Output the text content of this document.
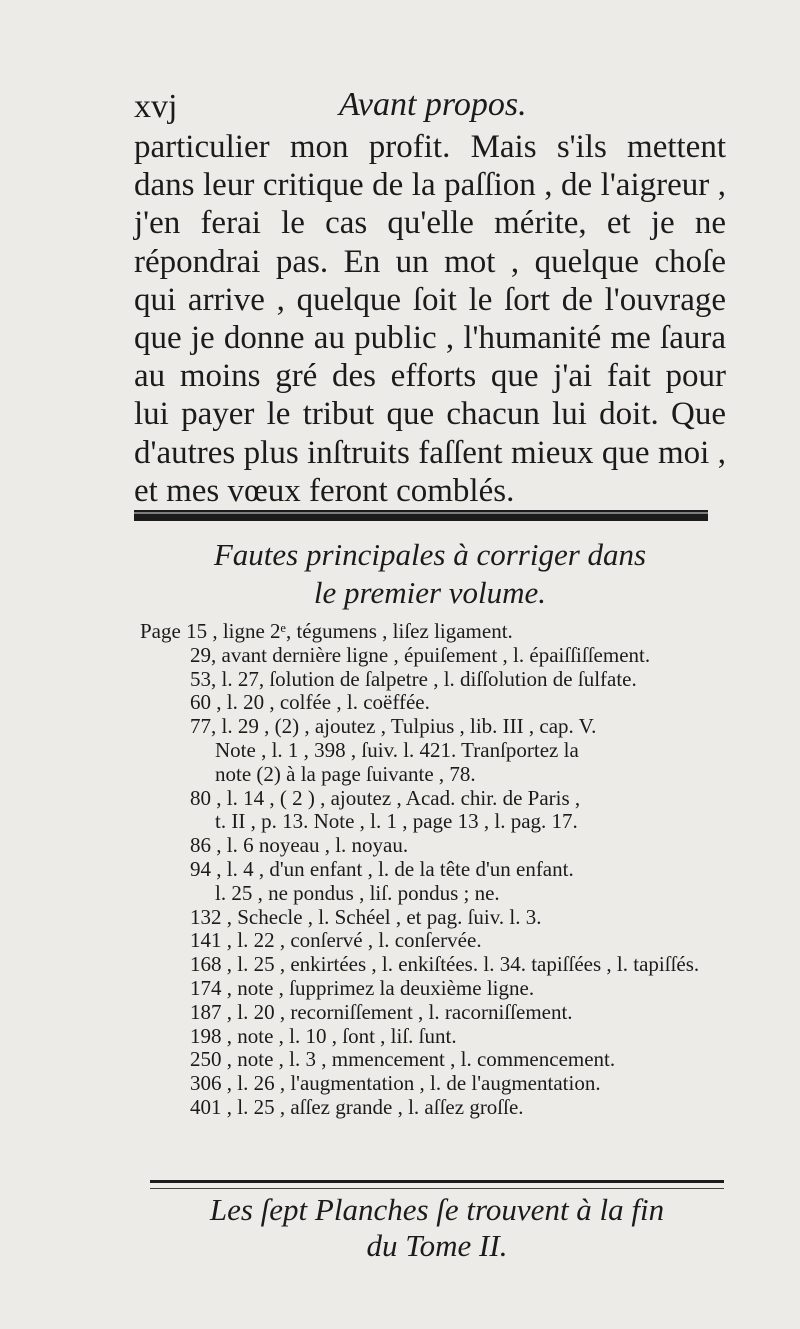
xvj	Avant propos.
particulier mon profit. Mais s'ils mettent
dans leur critique de la paſſion , de l'aigreur ,
j'en ferai le cas qu'elle mérite, et je ne
répondrai pas. En un mot , quelque choſe
qui arrive , quelque ſoit le ſort de l'ouvrage
que je donne au public , l'humanité me ſaura
au moins gré des efforts que j'ai fait pour
lui payer le tribut que chacun lui doit. Que
d'autres plus inſtruits faſſent mieux que moi ,
et mes vœux feront comblés.
Fautes principales à corriger dans
le premier volume.
Page 15 , ligne 2ᵉ, tégumens , liſez ligament.
29, avant dernière ligne , épuiſement , l. épaiſſiſſement.
53, l. 27, ſolution de ſalpetre , l. diſſolution de ſulfate.
60 , l. 20 , colfée , l. coëffée.
77, l. 29 , (2) , ajoutez , Tulpius , lib. III , cap. V.
Note , l. 1 , 398 , ſuiv. l. 421. Tranſportez la
note (2) à la page ſuivante , 78.
80 , l. 14 , ( 2 ) , ajoutez , Acad. chir. de Paris ,
t. II , p. 13. Note , l. 1 , page 13 , l. pag. 17.
86 , l. 6 noyeau , l. noyau.
94 , l. 4 , d'un enfant , l. de la tête d'un enfant.
l. 25 , ne pondus , liſ. pondus ; ne.
132 , Schecle , l. Schéel , et pag. ſuiv. l. 3.
141 , l. 22 , conſervé , l. conſervée.
168 , l. 25 , enkirtées , l. enkiſtées. l. 34. tapiſſées , l. tapiſſés.
174 , note , ſupprimez la deuxième ligne.
187 , l. 20 , recorniſſement , l. racorniſſement.
198 , note , l. 10 , ſont , liſ. ſunt.
250 , note , l. 3 , mmencement , l. commencement.
306 , l. 26 , l'augmentation , l. de l'augmentation.
401 , l. 25 , aſſez grande , l. aſſez groſſe.
Les ſept Planches ſe trouvent à la fin
du Tome II.
